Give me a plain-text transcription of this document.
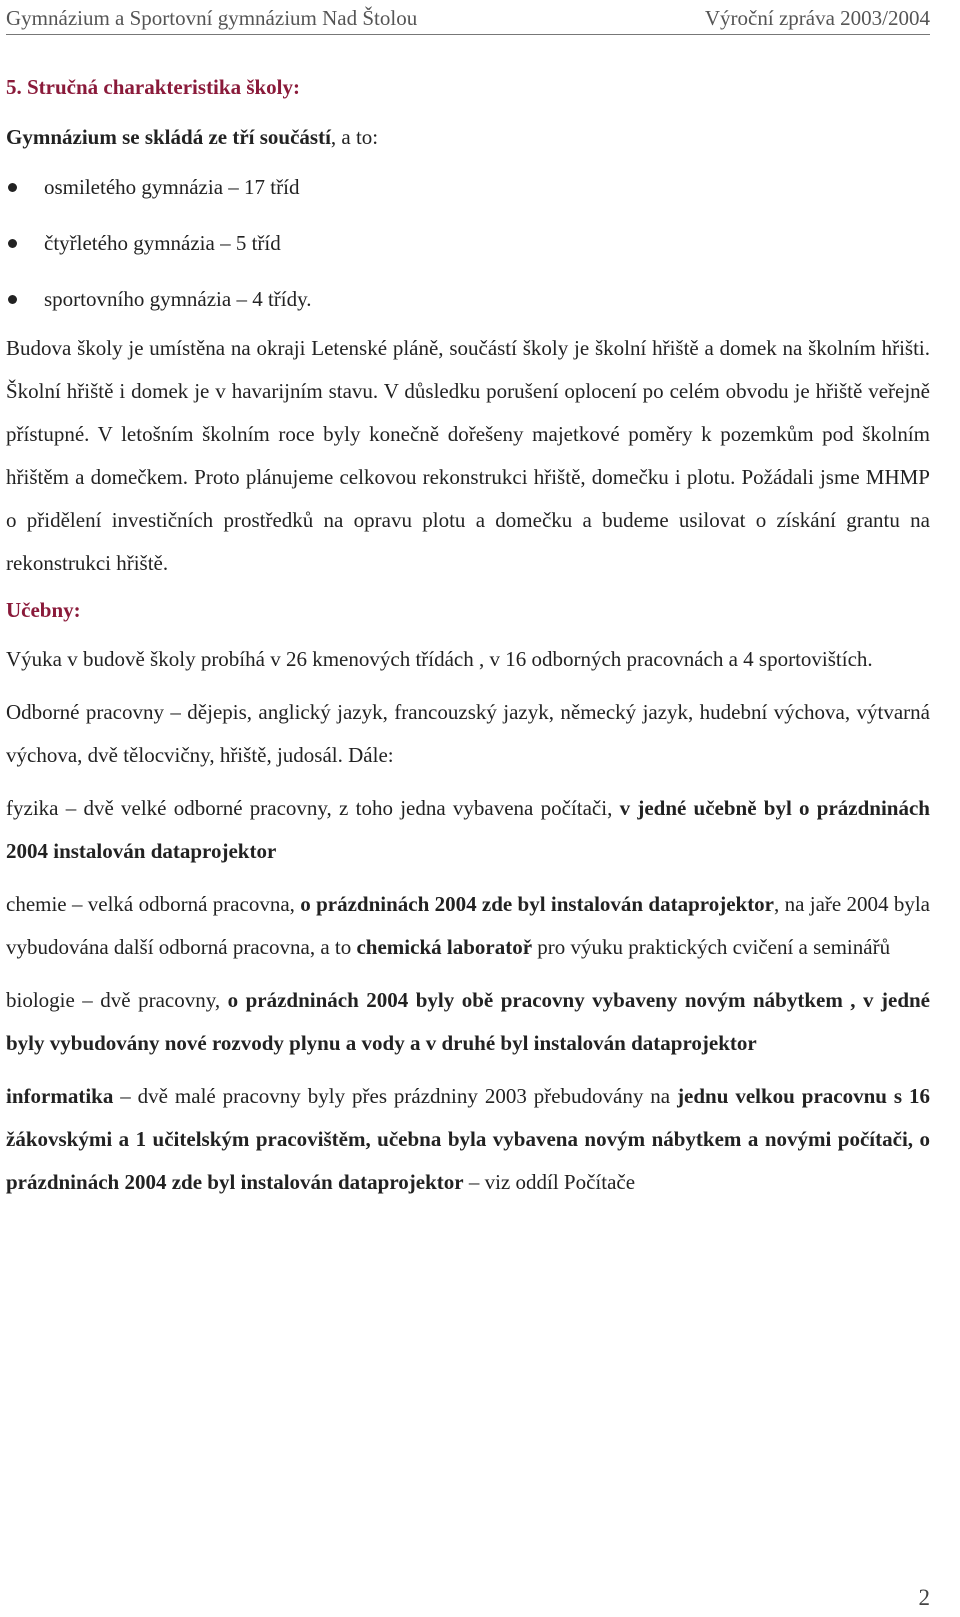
Gymnázium a Sportovní gymnázium Nad Štolou	Výroční zpráva 2003/2004
5. Stručná charakteristika školy:

Gymnázium se skládá ze tří součástí, a to:

osmiletého gymnázia – 17 tříd
čtyřletého gymnázia – 5 tříd
sportovního gymnázia – 4 třídy.

Budova školy je umístěna na okraji Letenské pláně, součástí školy je školní hřiště a domek na školním hřišti. Školní hřiště i domek je v havarijním stavu. V důsledku porušení oplocení po celém obvodu je hřiště veřejně přístupné. V letošním školním roce byly konečně dořešeny majetkové poměry k pozemkům pod školním hřištěm a domečkem. Proto plánujeme celkovou rekonstrukci hřiště, domečku i plotu. Požádali jsme MHMP o přidělení investičních prostředků na opravu plotu a domečku a budeme usilovat o získání grantu na rekonstrukci hřiště.

Učebny:

Výuka v budově školy probíhá v 26 kmenových třídách , v 16 odborných pracovnách a 4 sportovištích.

Odborné pracovny – dějepis, anglický jazyk, francouzský jazyk, německý jazyk, hudební výchova, výtvarná výchova, dvě tělocvičny, hřiště, judosál. Dále:

fyzika – dvě velké odborné pracovny, z toho jedna vybavena počítači, v jedné učebně byl o prázdninách 2004 instalován dataprojektor

chemie – velká odborná pracovna, o prázdninách 2004 zde byl instalován dataprojektor, na jaře 2004 byla vybudována další odborná pracovna, a to chemická laboratoř pro výuku praktických cvičení a seminářů

biologie – dvě pracovny, o prázdninách 2004 byly obě pracovny vybaveny novým nábytkem , v jedné byly vybudovány nové rozvody plynu a vody a v druhé byl instalován dataprojektor

informatika – dvě malé pracovny byly přes prázdniny 2003 přebudovány na jednu velkou pracovnu s 16 žákovskými a 1 učitelským pracovištěm, učebna byla vybavena novým nábytkem a novými počítači, o prázdninách 2004 zde byl instalován dataprojektor – viz oddíl Počítače

2
